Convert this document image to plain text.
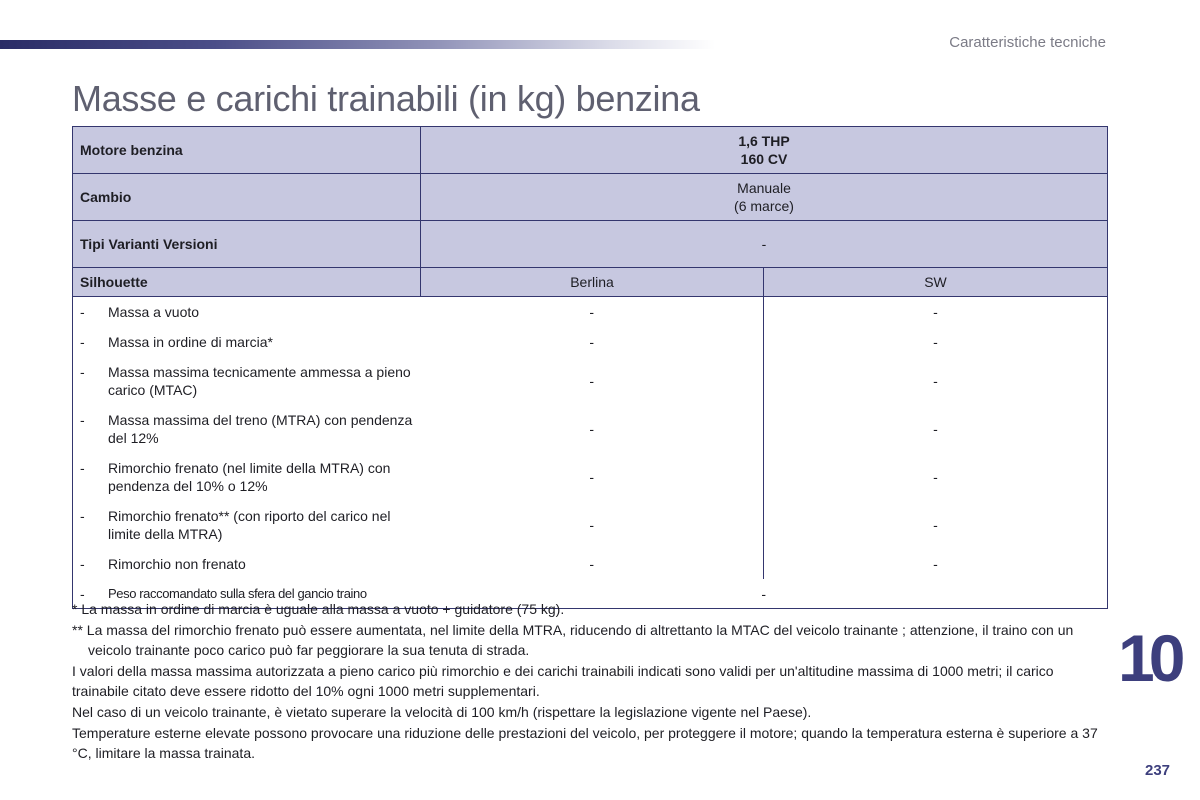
Caratteristiche tecniche
Masse e carichi trainabili (in kg) benzina
Motore benzina	1,6 THP
160 CV	

Cambio	Manuale
(6 marce)	

Tipi Varianti Versioni	-	
Silhouette	Berlina	SW

- Massa a vuoto	-	-

- Massa in ordine di marcia*	-	-

- Massa massima tecnicamente ammessa a pieno carico (MTAC)	-	-

- Massa massima del treno (MTRA) con pendenza del 12%	-	-

- Rimorchio frenato (nel limite della MTRA) con pendenza del 10% o 12%	-	-

- Rimorchio frenato** (con riporto del carico nel limite della MTRA)	-	-

- Rimorchio non frenato	-	-

- Peso raccomandato sulla sfera del gancio traino	-	

* La massa in ordine di marcia è uguale alla massa a vuoto + guidatore (75 kg).

** La massa del rimorchio frenato può essere aumentata, nel limite della MTRA, riducendo di altrettanto la MTAC del veicolo trainante ; attenzione, il traino con un veicolo trainante poco carico può far peggiorare la sua tenuta di strada.

I valori della massa massima autorizzata a pieno carico più rimorchio e dei carichi trainabili indicati sono validi per un'altitudine massima di 1000 metri; il carico trainabile citato deve essere ridotto del 10% ogni 1000 metri supplementari.

Nel caso di un veicolo trainante, è vietato superare la velocità di 100 km/h (rispettare la legislazione vigente nel Paese).

Temperature esterne elevate possono provocare una riduzione delle prestazioni del veicolo, per proteggere il motore; quando la temperatura esterna è superiore a 37 °C, limitare la massa trainata.

10
237
